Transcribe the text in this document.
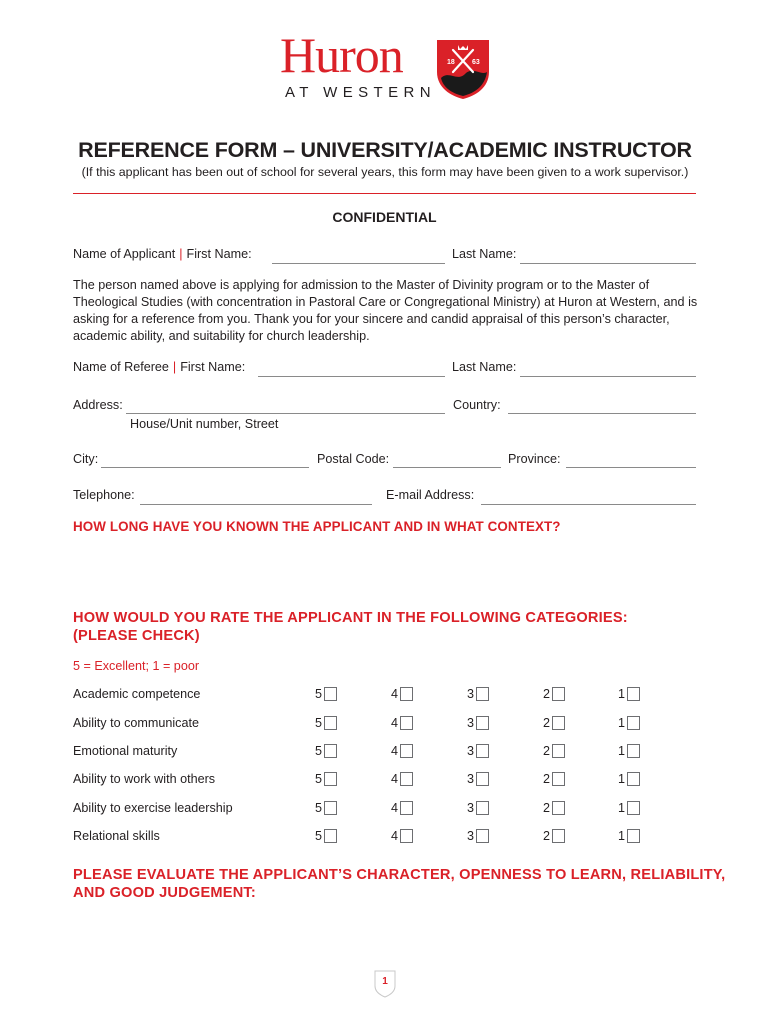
Huron
AT WESTERN
18 63
REFERENCE FORM – UNIVERSITY/ACADEMIC INSTRUCTOR
(If this applicant has been out of school for several years, this form may have been given to a work supervisor.)
CONFIDENTIAL
Name of Applicant | First Name:	Last Name:
The person named above is applying for admission to the Master of Divinity program or to the Master of Theological Studies (with concentration in Pastoral Care or Congregational Ministry) at Huron at Western, and is asking for a reference from you. Thank you for your sincere and candid appraisal of this person’s character, academic ability, and suitability for church leadership.
Name of Referee | First Name:	Last Name:
Address:	Country:
House/Unit number, Street
City:	Postal Code:	Province:
Telephone:	E-mail Address:
HOW LONG HAVE YOU KNOWN THE APPLICANT AND IN WHAT CONTEXT?
HOW WOULD YOU RATE THE APPLICANT IN THE FOLLOWING CATEGORIES:
(PLEASE CHECK)
5 = Excellent; 1 = poor
Academic competence	5	4	3	2	1
Ability to communicate	5	4	3	2	1
Emotional maturity	5	4	3	2	1
Ability to work with others	5	4	3	2	1
Ability to exercise leadership	5	4	3	2	1
Relational skills	5	4	3	2	1
PLEASE EVALUATE THE APPLICANT’S CHARACTER, OPENNESS TO LEARN, RELIABILITY,
AND GOOD JUDGEMENT:
1
